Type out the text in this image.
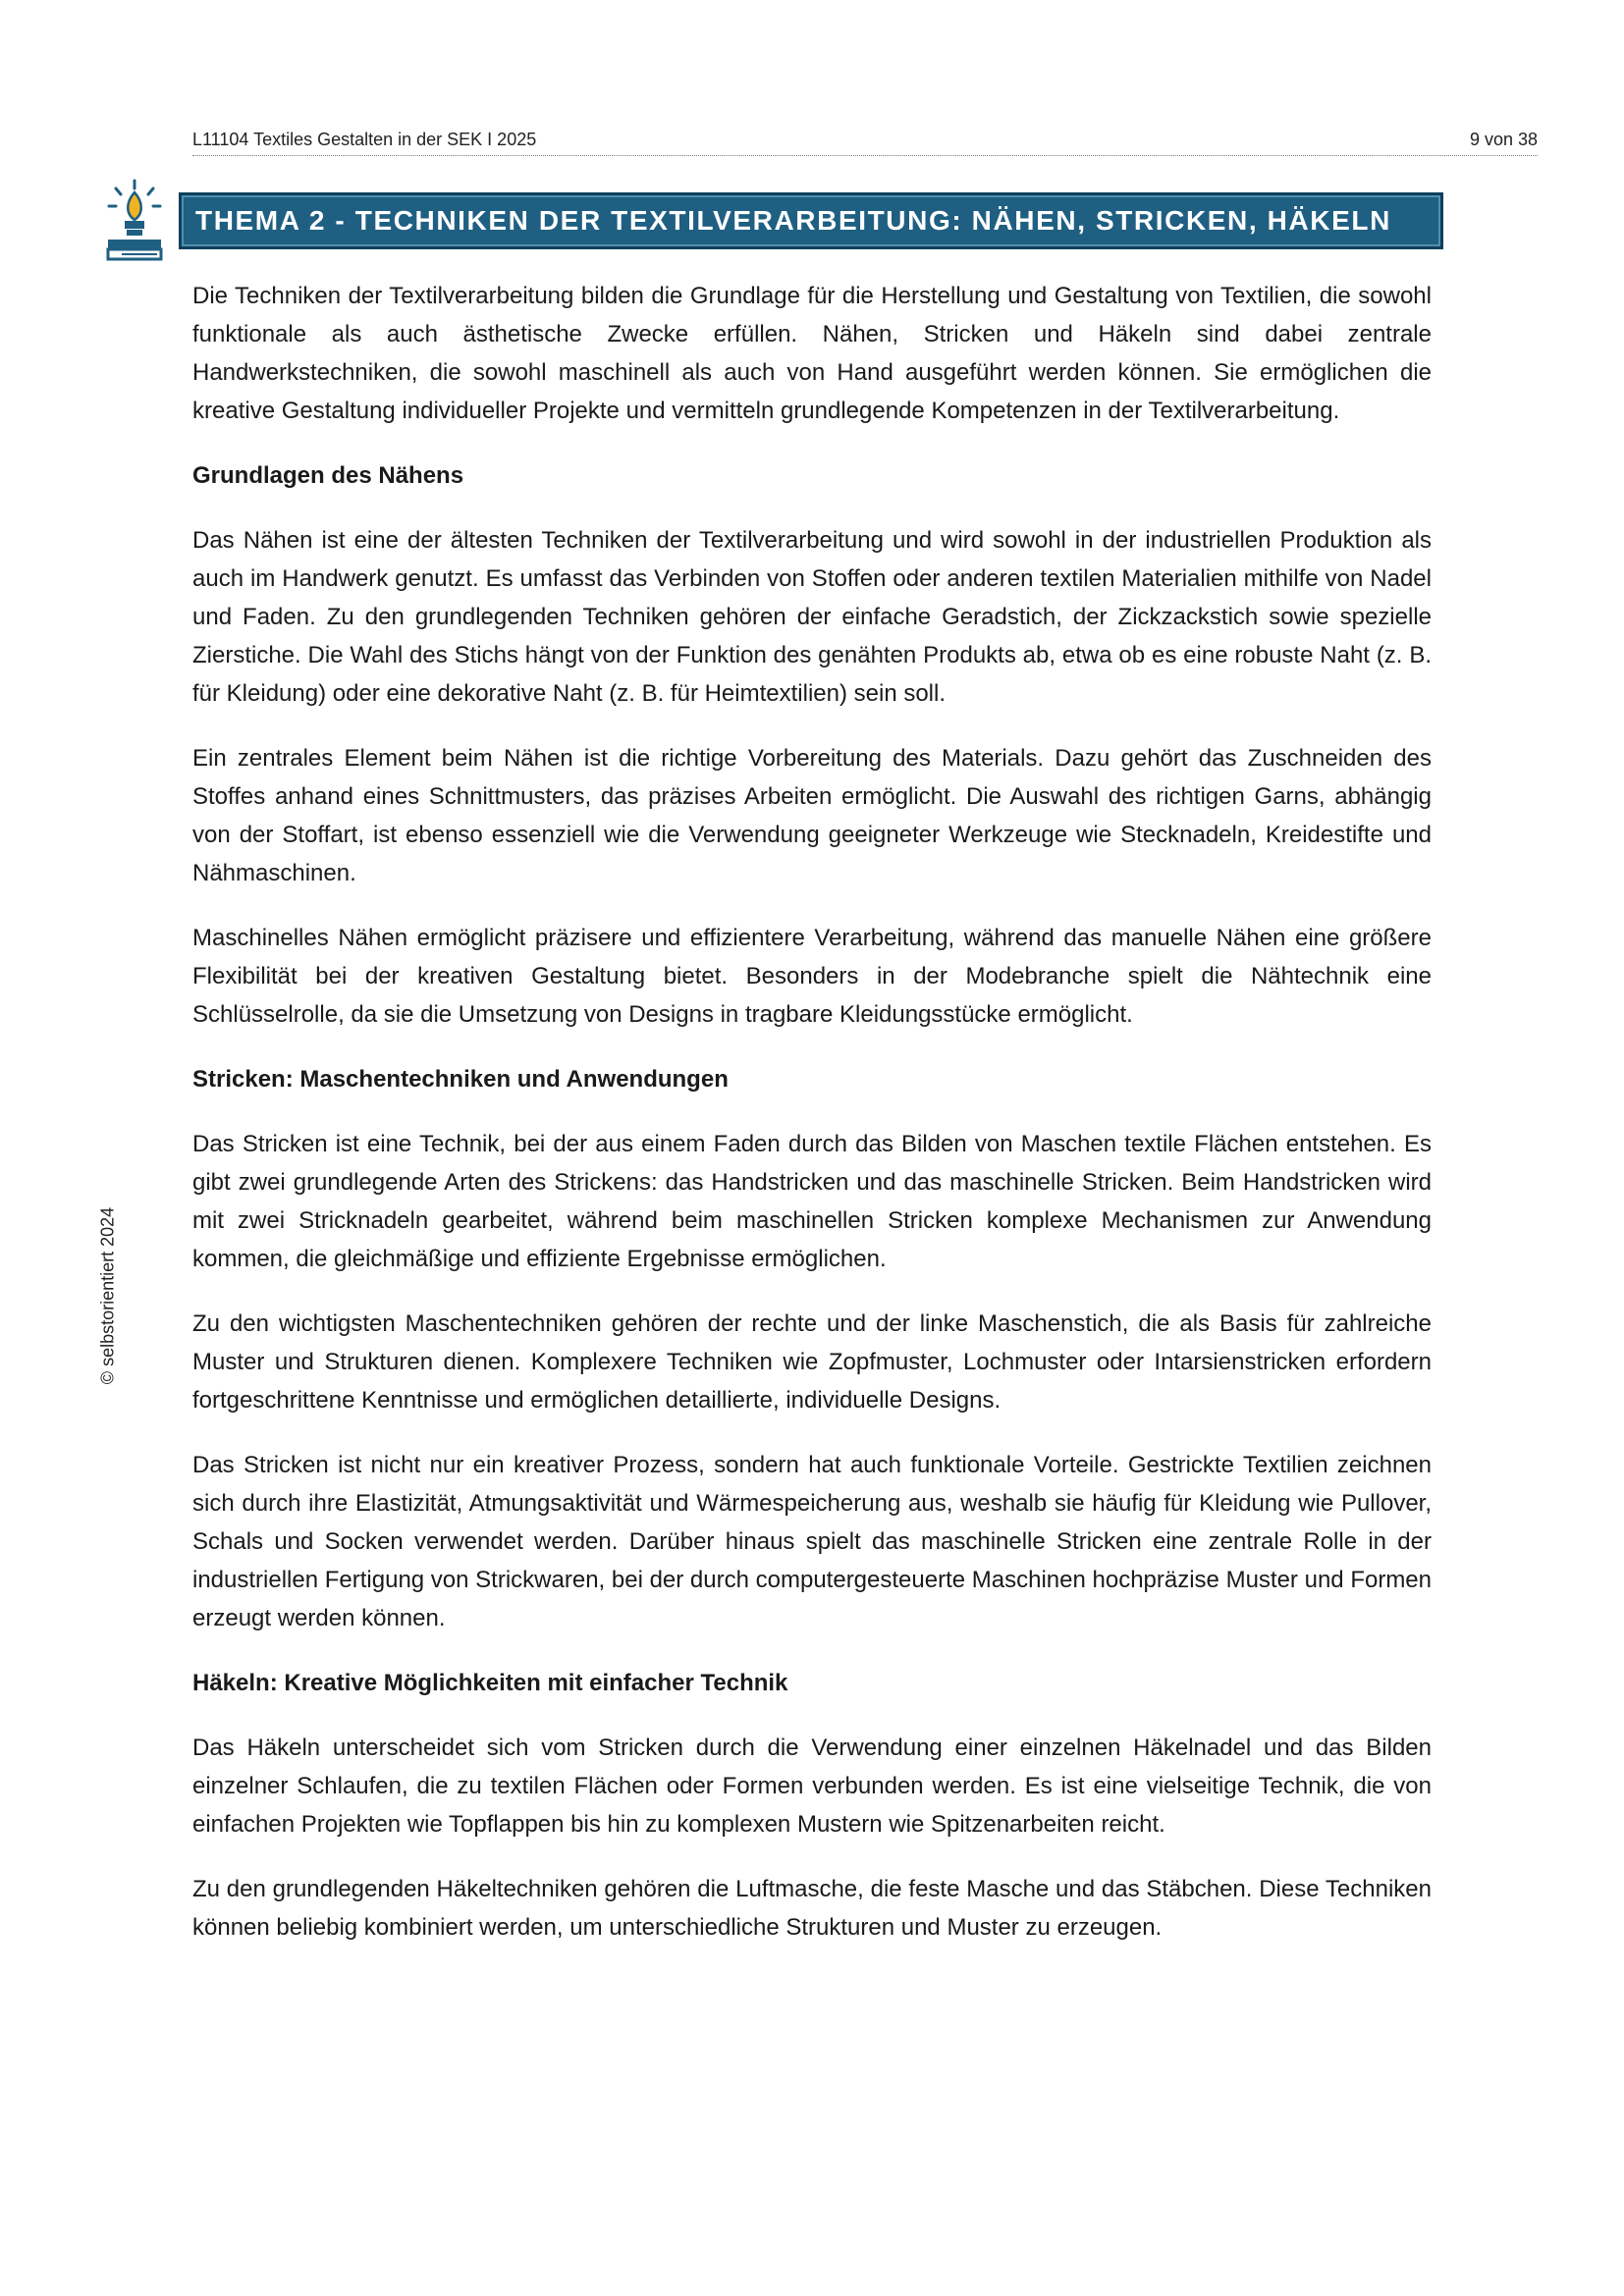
L11104 Textiles Gestalten in der SEK I 2025	9 von 38
THEMA 2 - TECHNIKEN DER TEXTILVERARBEITUNG: NÄHEN, STRICKEN, HÄKELN
© selbstorientiert 2024

Die Techniken der Textilverarbeitung bilden die Grundlage für die Herstellung und Gestaltung von Textilien, die sowohl funktionale als auch ästhetische Zwecke erfüllen. Nähen, Stricken und Häkeln sind dabei zentrale Handwerkstechniken, die sowohl maschinell als auch von Hand ausgeführt werden können. Sie ermöglichen die kreative Gestaltung individueller Projekte und vermitteln grundlegende Kompetenzen in der Textilverarbeitung.

Grundlagen des Nähens

Das Nähen ist eine der ältesten Techniken der Textilverarbeitung und wird sowohl in der industriellen Produktion als auch im Handwerk genutzt. Es umfasst das Verbinden von Stoffen oder anderen textilen Materialien mithilfe von Nadel und Faden. Zu den grundlegenden Techniken gehören der einfache Geradstich, der Zickzackstich sowie spezielle Zierstiche. Die Wahl des Stichs hängt von der Funktion des genähten Produkts ab, etwa ob es eine robuste Naht (z. B. für Kleidung) oder eine dekorative Naht (z. B. für Heimtextilien) sein soll.

Ein zentrales Element beim Nähen ist die richtige Vorbereitung des Materials. Dazu gehört das Zuschneiden des Stoffes anhand eines Schnittmusters, das präzises Arbeiten ermöglicht. Die Auswahl des richtigen Garns, abhängig von der Stoffart, ist ebenso essenziell wie die Verwendung geeigneter Werkzeuge wie Stecknadeln, Kreidestifte und Nähmaschinen.

Maschinelles Nähen ermöglicht präzisere und effizientere Verarbeitung, während das manuelle Nähen eine größere Flexibilität bei der kreativen Gestaltung bietet. Besonders in der Modebranche spielt die Nähtechnik eine Schlüsselrolle, da sie die Umsetzung von Designs in tragbare Kleidungsstücke ermöglicht.

Stricken: Maschentechniken und Anwendungen

Das Stricken ist eine Technik, bei der aus einem Faden durch das Bilden von Maschen textile Flächen entstehen. Es gibt zwei grundlegende Arten des Strickens: das Handstricken und das maschinelle Stricken. Beim Handstricken wird mit zwei Stricknadeln gearbeitet, während beim maschinellen Stricken komplexe Mechanismen zur Anwendung kommen, die gleichmäßige und effiziente Ergebnisse ermöglichen.

Zu den wichtigsten Maschentechniken gehören der rechte und der linke Maschenstich, die als Basis für zahlreiche Muster und Strukturen dienen. Komplexere Techniken wie Zopfmuster, Lochmuster oder Intarsienstricken erfordern fortgeschrittene Kenntnisse und ermöglichen detaillierte, individuelle Designs.

Das Stricken ist nicht nur ein kreativer Prozess, sondern hat auch funktionale Vorteile. Gestrickte Textilien zeichnen sich durch ihre Elastizität, Atmungsaktivität und Wärmespeicherung aus, weshalb sie häufig für Kleidung wie Pullover, Schals und Socken verwendet werden. Darüber hinaus spielt das maschinelle Stricken eine zentrale Rolle in der industriellen Fertigung von Strickwaren, bei der durch computergesteuerte Maschinen hochpräzise Muster und Formen erzeugt werden können.

Häkeln: Kreative Möglichkeiten mit einfacher Technik

Das Häkeln unterscheidet sich vom Stricken durch die Verwendung einer einzelnen Häkelnadel und das Bilden einzelner Schlaufen, die zu textilen Flächen oder Formen verbunden werden. Es ist eine vielseitige Technik, die von einfachen Projekten wie Topflappen bis hin zu komplexen Mustern wie Spitzenarbeiten reicht.

Zu den grundlegenden Häkeltechniken gehören die Luftmasche, die feste Masche und das Stäbchen. Diese Techniken können beliebig kombiniert werden, um unterschiedliche Strukturen und Muster zu erzeugen.
